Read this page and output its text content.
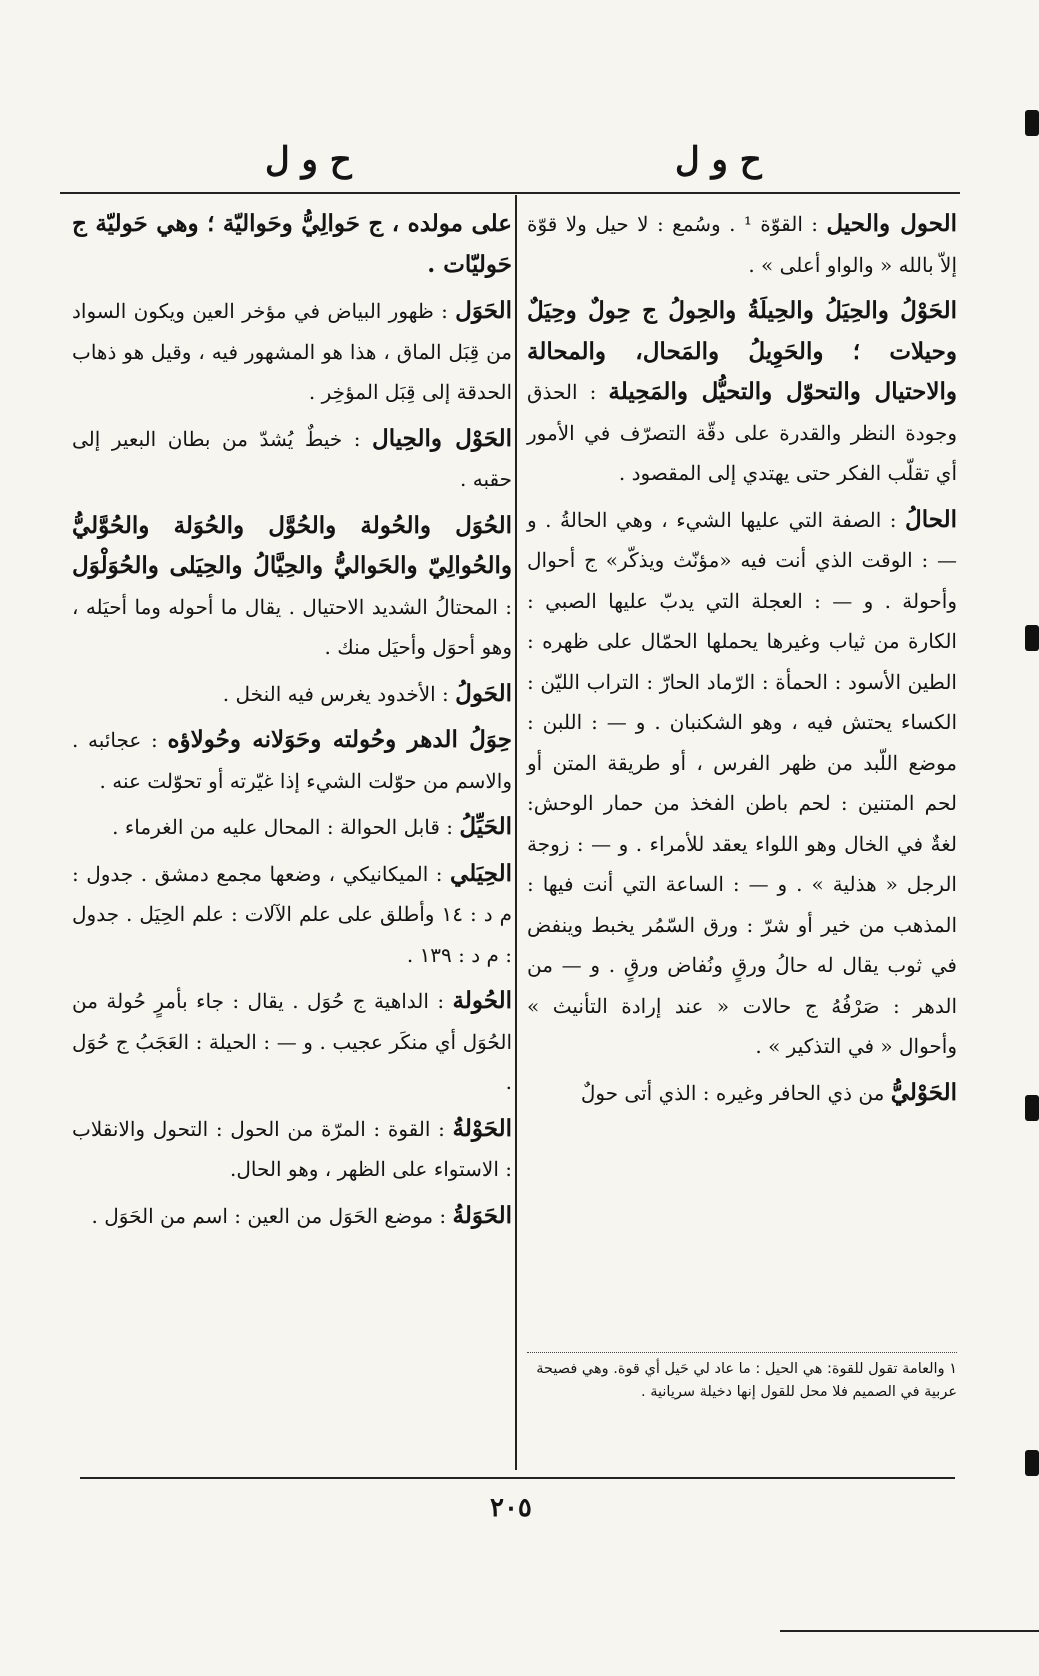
ح و ل
ح و ل

الحول والحيل : القوّة ¹ . وسُمع : لا حيل ولا قوّة إلاّ بالله « والواو أعلى » .

الحَوْلُ والحِيَلُ والحِيلَةُ والحِولُ ج حِولٌ وحِيَلٌ وحيلات ؛ والحَوِيلُ والمَحال، والمحالة والاحتيال والتحوّل والتحيُّل والمَحِيلة : الحذق وجودة النظر والقدرة على دقّة التصرّف في الأمور أي تقلّب الفكر حتى يهتدي إلى المقصود .

الحالُ : الصفة التي عليها الشيء ، وهي الحالةُ . و — : الوقت الذي أنت فيه «مؤنّث ويذكّر» ج أحوال وأحولة . و — : العجلة التي يدبّ عليها الصبي : الكارة من ثياب وغيرها يحملها الحمّال على ظهره : الطين الأسود : الحمأة : الرّماد الحارّ : التراب الليّن : الكساء يحتش فيه ، وهو الشكنبان . و — : اللبن : موضع اللّبد من ظهر الفرس ، أو طريقة المتن أو لحم المتنين : لحم باطن الفخذ من حمار الوحش: لغةٌ في الخال وهو اللواء يعقد للأمراء . و — : زوجة الرجل « هذلية » . و — : الساعة التي أنت فيها : المذهب من خير أو شرّ : ورق السّمُر يخبط وينفض في ثوب يقال له حالُ ورقٍ ونُفاض ورقٍ . و — من الدهر : صَرْفُهُ ج حالات « عند إرادة التأنيث » وأحوال « في التذكير » .

الحَوْليُّ من ذي الحافر وغيره : الذي أتى حولٌ

١ والعامة تقول للقوة: هي الحيل : ما عاد لي حَيل أي قوة. وهي فصيحة عربية في الصميم فلا محل للقول إنها دخيلة سريانية .

على مولده ، ج حَوالِيُّ وحَواليّة ؛ وهي حَوليّة ج حَوليّات .

الحَوَل : ظهور البياض في مؤخر العين ويكون السواد من قِبَل الماق ، هذا هو المشهور فيه ، وقيل هو ذهاب الحدقة إلى قِبَل المؤخِر .

الحَوْل والحِيال : خيطٌ يُشدّ من بطان البعير إلى حقبه .

الحُوَل والحُولة والحُوَّل والحُوَلة والحُوَّليُّ والحُوالِيّ والحَواليُّ والحِيَّالُ والحِيَلى والحُوَلْوَل : المحتالُ الشديد الاحتيال . يقال ما أحوله وما أحيَله ، وهو أحوَل وأحيَل منك .

الحَولُ : الأخدود يغرس فيه النخل .

حِوَلُ الدهر وحُولته وحَوَلانه وحُولاؤه : عجائبه . والاسم من حوّلت الشيء إذا غيّرته أو تحوّلت عنه .

الحَيِّلُ : قابل الحوالة : المحال عليه من الغرماء .

الحِيَلي : الميكانيكي ، وضعها مجمع دمشق . جدول : م د : ١٤ وأطلق على علم الآلات : علم الحِيَل . جدول : م د : ١٣٩ .

الحُولة : الداهية ج حُوَل . يقال : جاء بأمرٍ حُولة من الحُوَل أي منكَر عجيب . و — : الحيلة : العَجَبُ ج حُوَل .

الحَوْلةُ : القوة : المرّة من الحول : التحول والانقلاب : الاستواء على الظهر ، وهو الحال.

الحَوَلةُ : موضع الحَوَل من العين : اسم من الحَوَل .

٢٠٥
